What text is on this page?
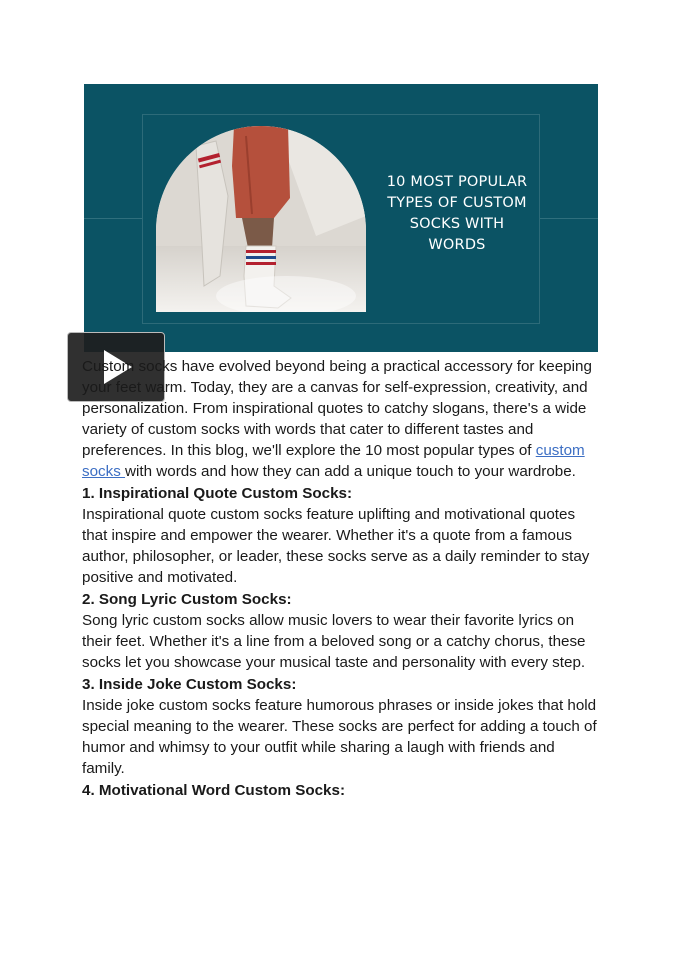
10 MOST POPULAR TYPES OF CUSTOM SOCKS WITH WORDS

Custom socks have evolved beyond being a practical accessory for keeping your feet warm. Today, they are a canvas for self-expression, creativity, and personalization. From inspirational quotes to catchy slogans, there's a wide variety of custom socks with words that cater to different tastes and preferences. In this blog, we'll explore the 10 most popular types of custom socks with words and how they can add a unique touch to your wardrobe.

1. Inspirational Quote Custom Socks:

Inspirational quote custom socks feature uplifting and motivational quotes that inspire and empower the wearer. Whether it's a quote from a famous author, philosopher, or leader, these socks serve as a daily reminder to stay positive and motivated.

2. Song Lyric Custom Socks:

Song lyric custom socks allow music lovers to wear their favorite lyrics on their feet. Whether it's a line from a beloved song or a catchy chorus, these socks let you showcase your musical taste and personality with every step.

3. Inside Joke Custom Socks:

Inside joke custom socks feature humorous phrases or inside jokes that hold special meaning to the wearer. These socks are perfect for adding a touch of humor and whimsy to your outfit while sharing a laugh with friends and family.

4. Motivational Word Custom Socks:
